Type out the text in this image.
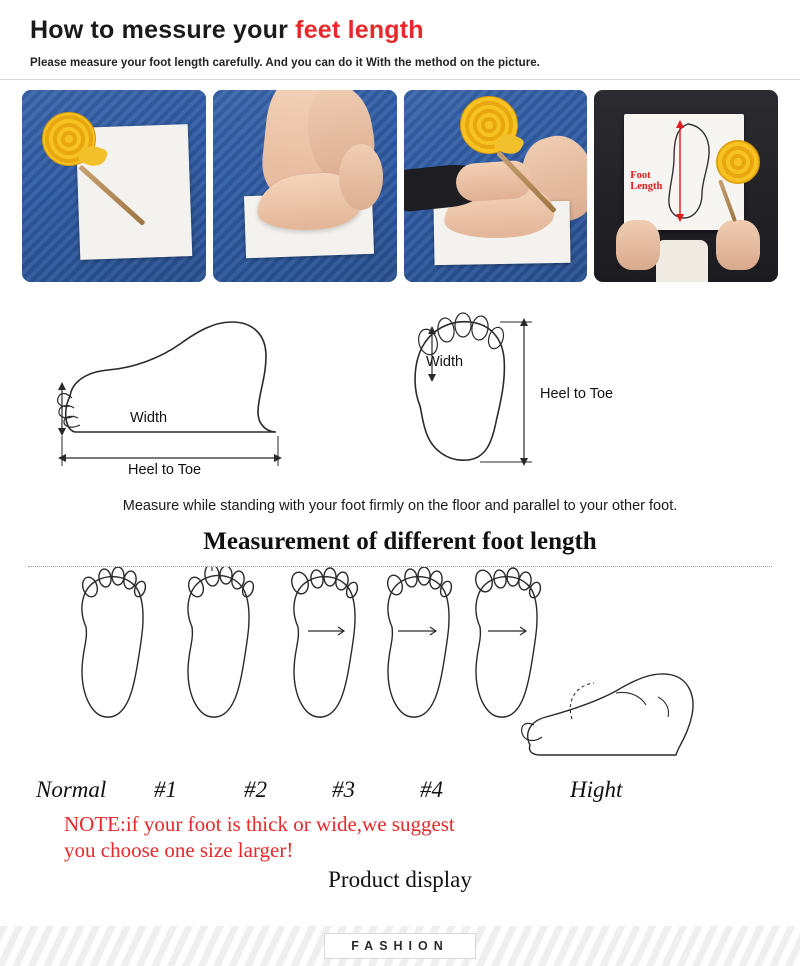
How to messure your feet length
Please measure your foot length carefully. And you can do it With the method on the picture.
Foot
Length
Width
Heel to Toe
Width
Heel to Toe
Measure while standing with your foot firmly on the floor and parallel to your other foot.
Measurement of different foot length
Normal	#1	#2	#3	#4	Hight
NOTE:if your foot is thick or wide,we suggest
you choose one size larger!
Product display
FASHION
